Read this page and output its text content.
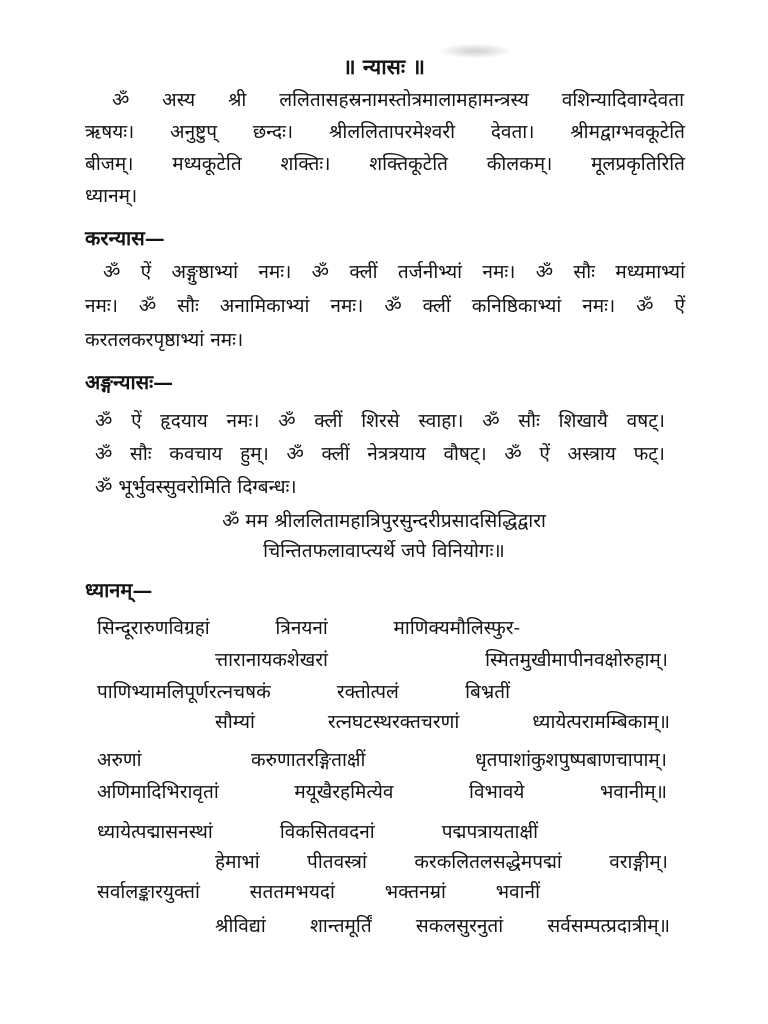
॥ न्यासः ॥
ॐ अस्य श्री ललितासहस्रनामस्तोत्रमालामहामन्त्रस्य वशिन्यादिवाग्देवता
ऋषयः। अनुष्टुप् छन्दः। श्रीललितापरमेश्वरी देवता। श्रीमद्वाग्भवकूटेति
बीजम्। मध्यकूटेति शक्तिः। शक्तिकूटेति कीलकम्। मूलप्रकृतिरिति
ध्यानम्।
करन्यास—
ॐ ऐं अङ्गुष्ठाभ्यां नमः। ॐ क्लीं तर्जनीभ्यां नमः। ॐ सौः मध्यमाभ्यां
नमः। ॐ सौः अनामिकाभ्यां नमः। ॐ क्लीं कनिष्ठिकाभ्यां नमः। ॐ ऐं
करतलकरपृष्ठाभ्यां नमः।
अङ्गन्यासः—
ॐ ऐं हृदयाय नमः। ॐ क्लीं शिरसे स्वाहा। ॐ सौः शिखायै वषट्।
ॐ सौः कवचाय हुम्। ॐ क्लीं नेत्रत्रयाय वौषट्। ॐ ऐं अस्त्राय फट्।
ॐ भूर्भुवस्सुवरोमिति दिग्बन्धः।
ॐ मम श्रीललितामहात्रिपुरसुन्दरीप्रसादसिद्धिद्वारा
चिन्तितफलावाप्त्यर्थे जपे विनियोगः॥
ध्यानम्—
सिन्दूरारुणविग्रहां त्रिनयनां माणिक्यमौलिस्फुर-
त्तारानायकशेखरां स्मितमुखीमापीनवक्षोरुहाम्।
पाणिभ्यामलिपूर्णरत्नचषकं रक्तोत्पलं बिभ्रतीं
सौम्यां रत्नघटस्थरक्तचरणां ध्यायेत्परामम्बिकाम्॥
अरुणां करुणातरङ्गिताक्षीं धृतपाशांकुशपुष्पबाणचापाम्।
अणिमादिभिरावृतां मयूखैरहमित्येव विभावये भवानीम्॥
ध्यायेत्पद्मासनस्थां विकसितवदनां पद्मपत्रायताक्षीं
हेमाभां पीतवस्त्रां करकलितलसद्धेमपद्मां वराङ्गीम्।
सर्वालङ्कारयुक्तां सततमभयदां भक्तनम्रां भवानीं
श्रीविद्यां शान्तमूर्तिं सकलसुरनुतां सर्वसम्पत्प्रदात्रीम्॥
